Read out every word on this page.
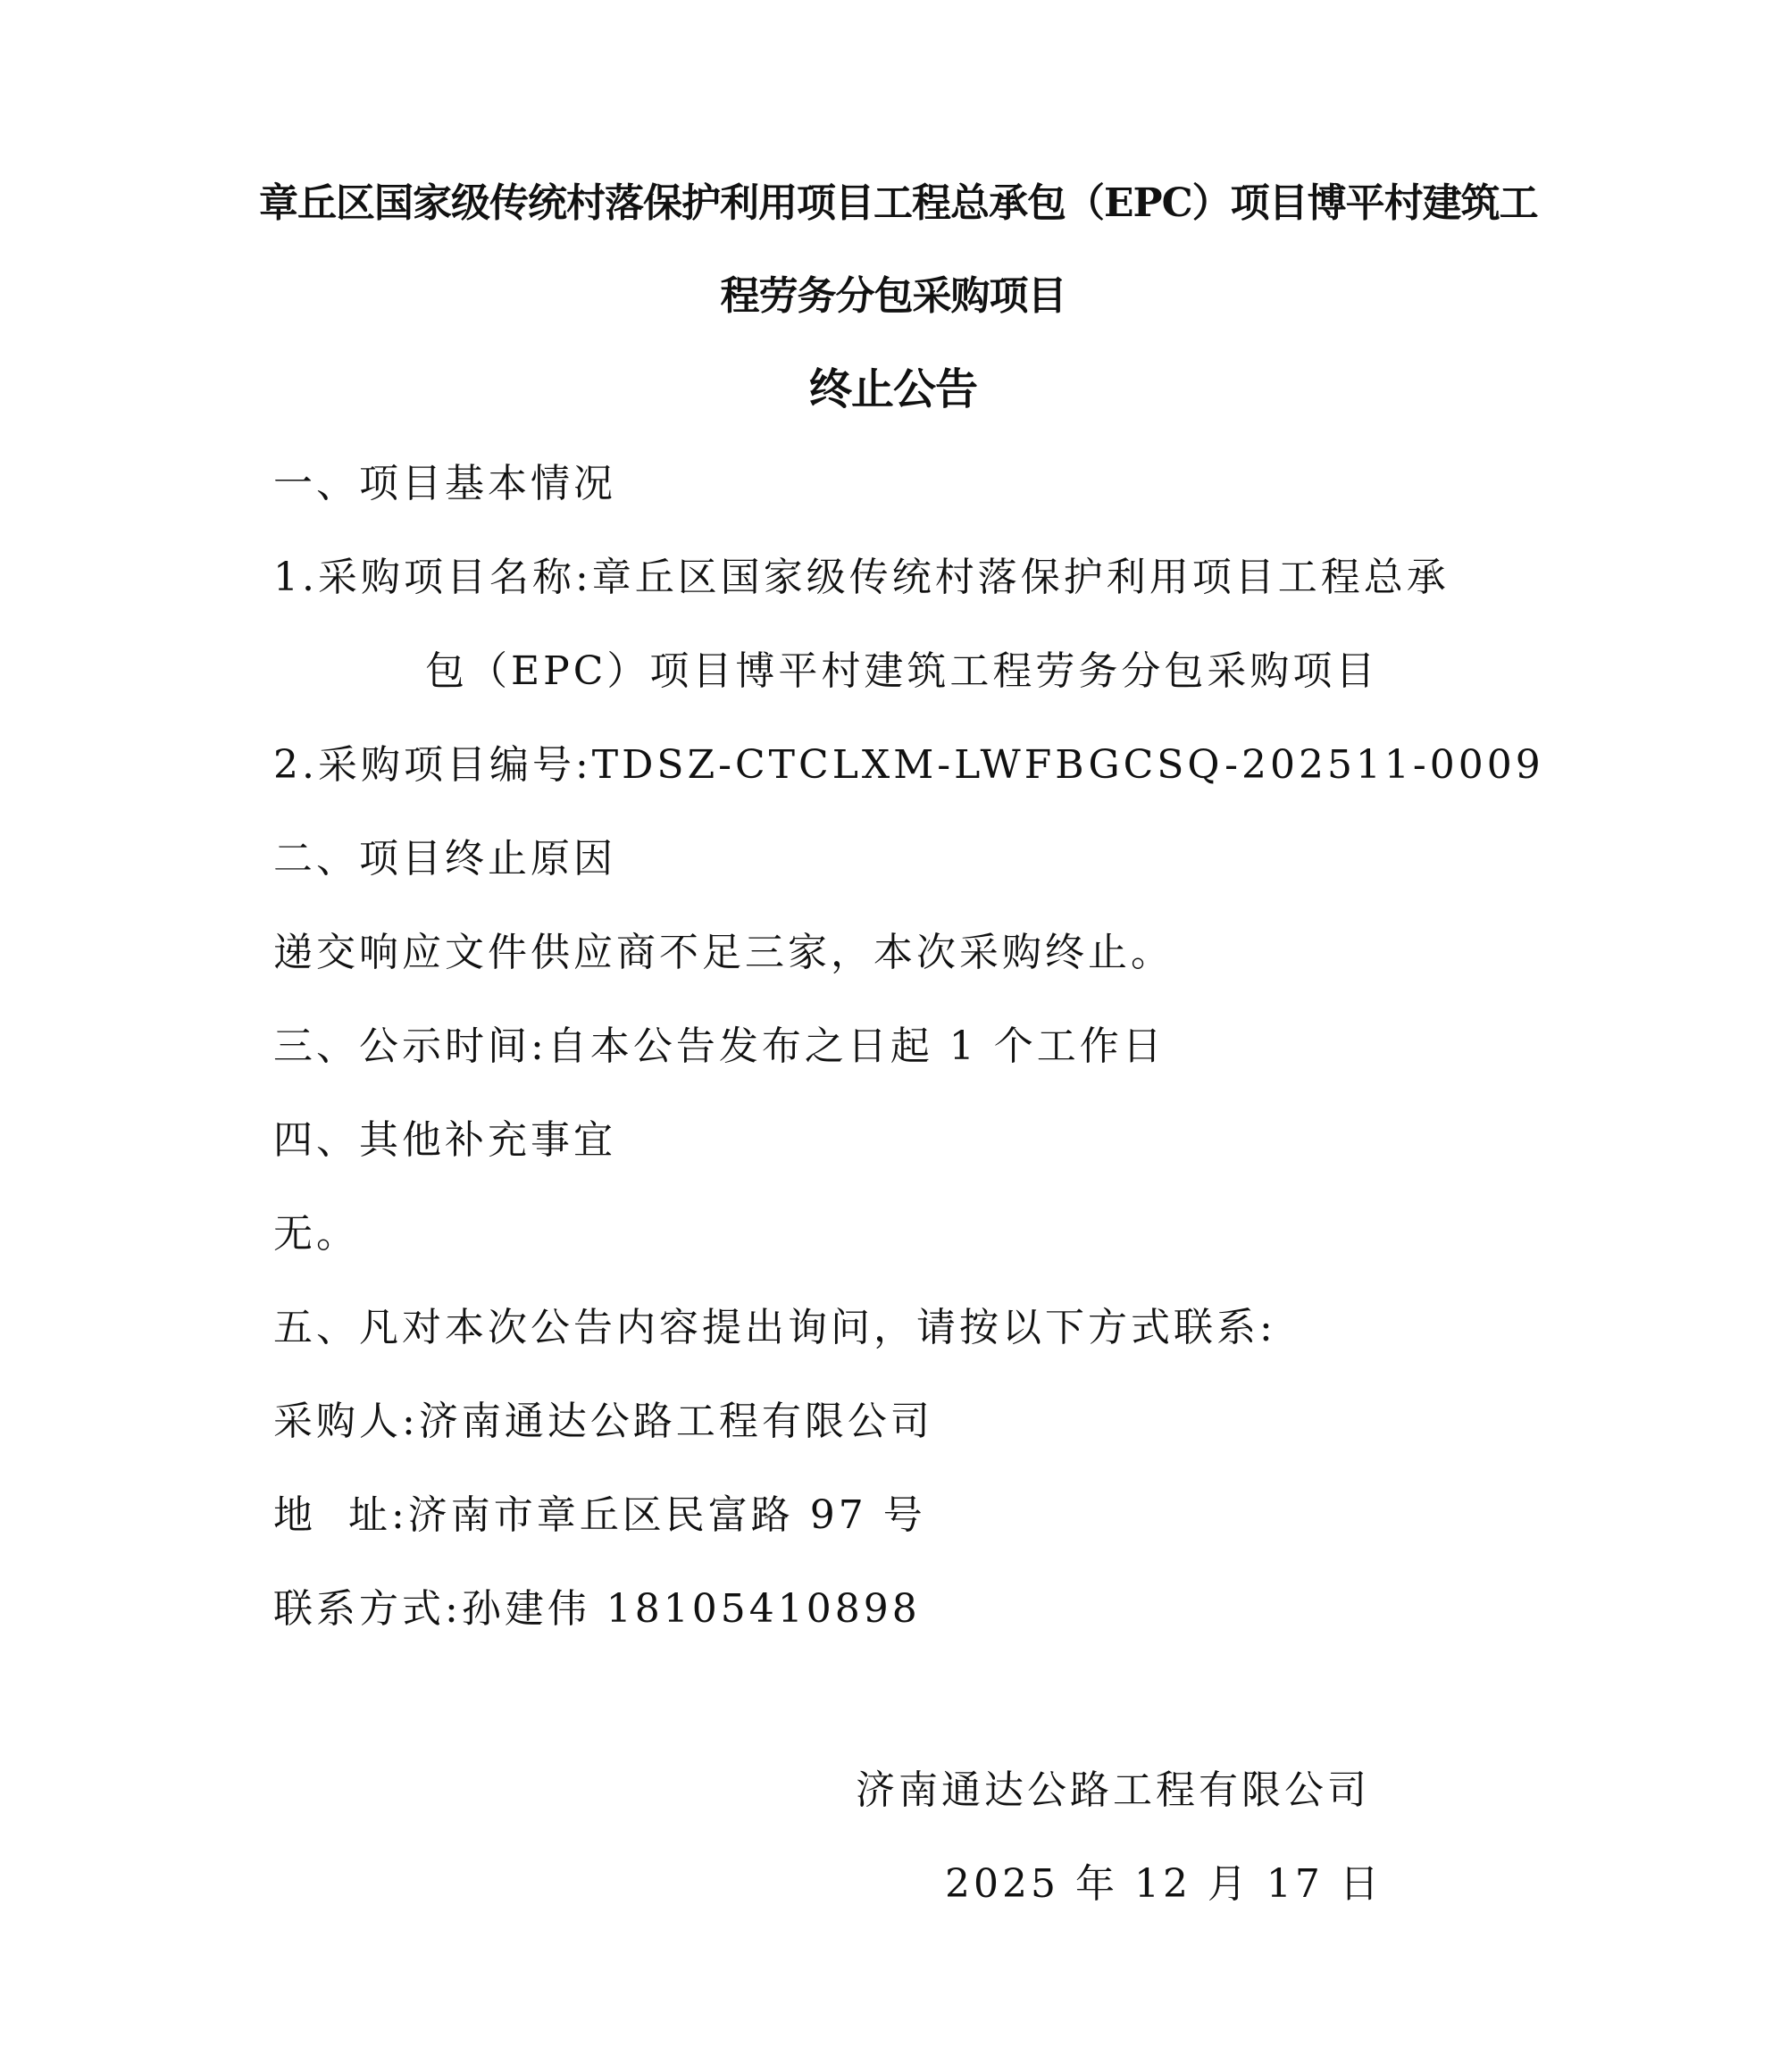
章丘区国家级传统村落保护利用项目工程总承包（EPC）项目博平村建筑工
程劳务分包采购项目
终止公告
一、项目基本情况
1.采购项目名称:章丘区国家级传统村落保护利用项目工程总承
包（EPC）项目博平村建筑工程劳务分包采购项目
2.采购项目编号:TDSZ-CTCLXM-LWFBGCSQ-202511-0009
二、项目终止原因
递交响应文件供应商不足三家，本次采购终止。
三、公示时间:自本公告发布之日起 1 个工作日
四、其他补充事宜
无。
五、凡对本次公告内容提出询问，请按以下方式联系:
采购人:济南通达公路工程有限公司
地  址:济南市章丘区民富路 97 号
联系方式:孙建伟 18105410898
济南通达公路工程有限公司
2025 年 12 月 17 日
